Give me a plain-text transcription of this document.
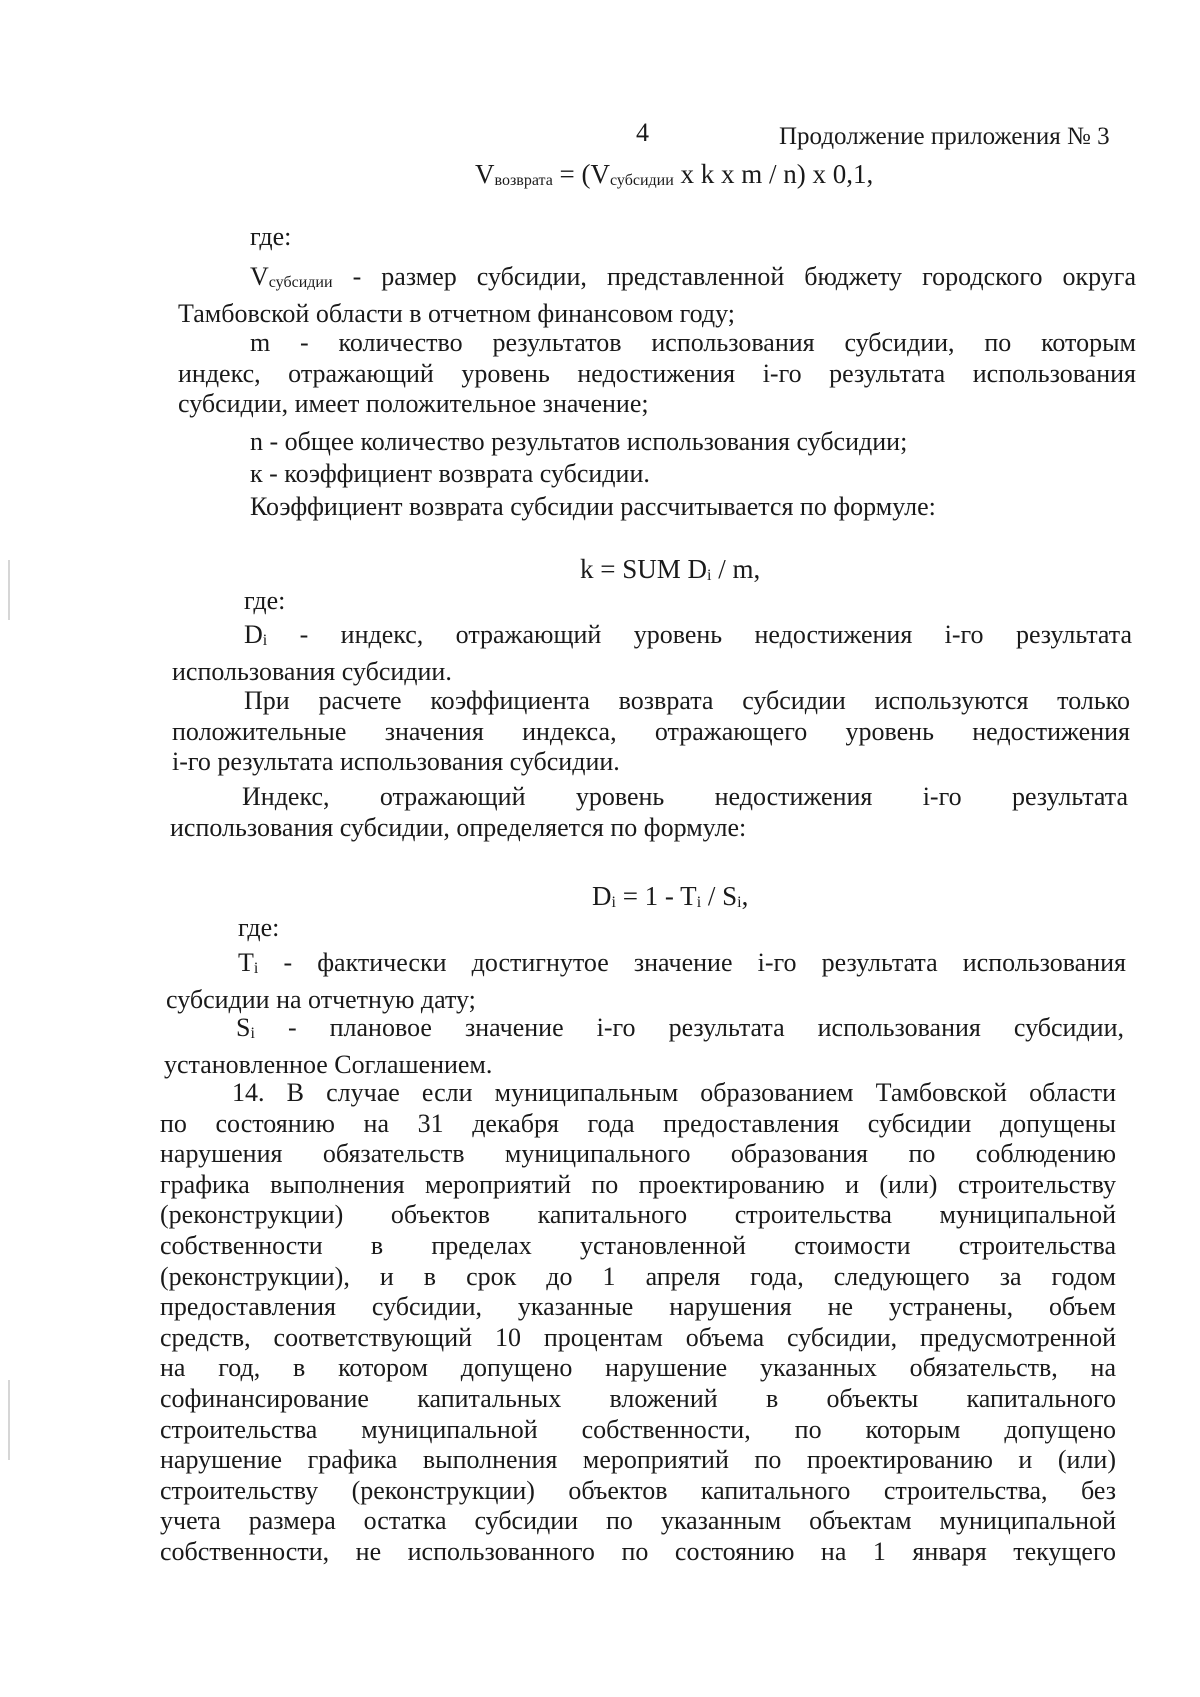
4	Продолжение приложения № 3
$V_{возврата} = (V_{субсидии}$ x k x m / n) x 0,1,
где:
$V_{субсидии}$ - размер субсидии, представленной бюджету городского округа
Тамбовской области в отчетном финансовом году;
m - количество результатов использования субсидии, по которым
индекс, отражающий уровень недостижения i-го результата использования
субсидии, имеет положительное значение;
n - общее количество результатов использования субсидии;
к - коэффициент возврата субсидии.
Коэффициент возврата субсидии рассчитывается по формуле:
k = SUM $D_i$ / m,
где:
$D_i$ - индекс, отражающий уровень недостижения i-го результата
использования субсидии.
При расчете коэффициента возврата субсидии используются только
положительные значения индекса, отражающего уровень недостижения
i-го результата использования субсидии.
Индекс, отражающий уровень недостижения i-го результата
использования субсидии, определяется по формуле:
$D_i = 1 - T_i / S_i$,
где:
$T_i$ - фактически достигнутое значение i-го результата использования
субсидии на отчетную дату;
$S_i$ - плановое значение i-го результата использования субсидии,
установленное Соглашением.
14. В случае если муниципальным образованием Тамбовской области
по состоянию на 31 декабря года предоставления субсидии допущены
нарушения обязательств муниципального образования по соблюдению
графика выполнения мероприятий по проектированию и (или) строительству
(реконструкции) объектов капитального строительства муниципальной
собственности в пределах установленной стоимости строительства
(реконструкции), и в срок до 1 апреля года, следующего за годом
предоставления субсидии, указанные нарушения не устранены, объем
средств, соответствующий 10 процентам объема субсидии, предусмотренной
на год, в котором допущено нарушение указанных обязательств, на
софинансирование капитальных вложений в объекты капитального
строительства муниципальной собственности, по которым допущено
нарушение графика выполнения мероприятий по проектированию и (или)
строительству (реконструкции) объектов капитального строительства, без
учета размера остатка субсидии по указанным объектам муниципальной
собственности, не использованного по состоянию на 1 января текущего
